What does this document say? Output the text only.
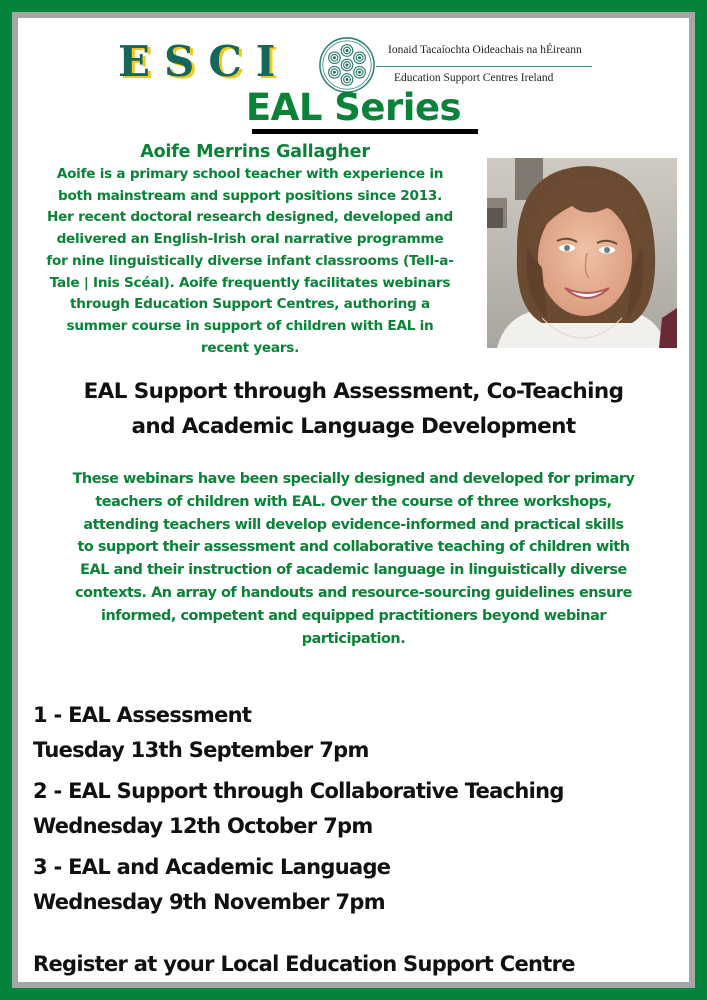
ESCI	Ionaid Tacaíochta Oideachais na hÉireann
Education Support Centres Ireland
EAL Series
Aoife Merrins Gallagher
Aoife is a primary school teacher with experience in
both mainstream and support positions since 2013.
Her recent doctoral research designed, developed and
delivered an English-Irish oral narrative programme
for nine linguistically diverse infant classrooms (Tell-a-
Tale | Inis Scéal). Aoife frequently facilitates webinars
through Education Support Centres, authoring a
summer course in support of children with EAL in
recent years.
EAL Support through Assessment, Co-Teaching
and Academic Language Development
These webinars have been specially designed and developed for primary
teachers of children with EAL. Over the course of three workshops,
attending teachers will develop evidence-informed and practical skills
to support their assessment and collaborative teaching of children with
EAL and their instruction of academic language in linguistically diverse
contexts. An array of handouts and resource-sourcing guidelines ensure
informed, competent and equipped practitioners beyond webinar
participation.
1 - EAL Assessment
Tuesday 13th September 7pm
2 - EAL Support through Collaborative Teaching
Wednesday 12th October 7pm
3 - EAL and Academic Language
Wednesday 9th November 7pm
Register at your Local Education Support Centre
